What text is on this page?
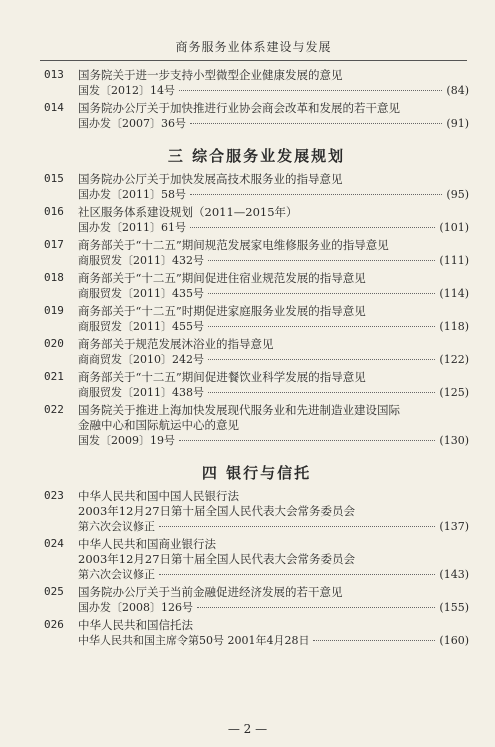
商务服务业体系建设与发展
013	国务院关于进一步支持小型微型企业健康发展的意见
国发〔2012〕14号	(84)
014	国务院办公厅关于加快推进行业协会商会改革和发展的若干意见
国办发〔2007〕36号	(91)
三 综合服务业发展规划
015	国务院办公厅关于加快发展高技术服务业的指导意见
国办发〔2011〕58号	(95)
016	社区服务体系建设规划（2011—2015年）
国办发〔2011〕61号	(101)
017	商务部关于“十二五”期间规范发展家电维修服务业的指导意见
商服贸发〔2011〕432号	(111)
018	商务部关于“十二五”期间促进住宿业规范发展的指导意见
商服贸发〔2011〕435号	(114)
019	商务部关于“十二五”时期促进家庭服务业发展的指导意见
商服贸发〔2011〕455号	(118)
020	商务部关于规范发展沐浴业的指导意见
商商贸发〔2010〕242号	(122)
021	商务部关于“十二五”期间促进餐饮业科学发展的指导意见
商服贸发〔2011〕438号	(125)
022	国务院关于推进上海加快发展现代服务业和先进制造业建设国际
金融中心和国际航运中心的意见
国发〔2009〕19号	(130)
四 银行与信托
023	中华人民共和国中国人民银行法
2003年12月27日第十届全国人民代表大会常务委员会
第六次会议修正	(137)
024	中华人民共和国商业银行法
2003年12月27日第十届全国人民代表大会常务委员会
第六次会议修正	(143)
025	国务院办公厅关于当前金融促进经济发展的若干意见
国办发〔2008〕126号	(155)
026	中华人民共和国信托法
中华人民共和国主席令第50号 2001年4月28日	(160)
— 2 —
